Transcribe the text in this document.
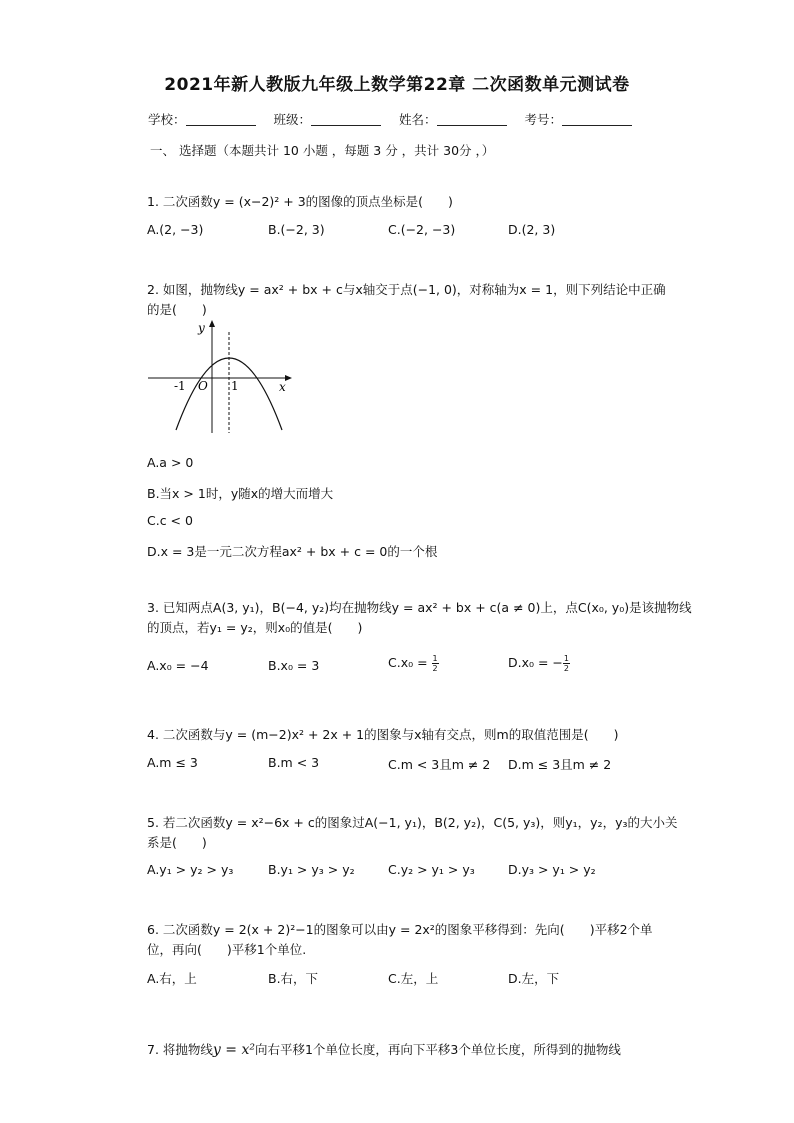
2021年新人教版九年级上数学第22章 二次函数单元测试卷
学校：	班级：	姓名：	考号：
一、 选择题（本题共计 10 小题 ，每题 3 分 ，共计 30分 ，）
1. 二次函数y = (x−2)² + 3的图像的顶点坐标是(　　)
A.(2, −3)	B.(−2, 3)	C.(−2, −3)	D.(2, 3)
2. 如图，抛物线y = ax² + bx + c与x轴交于点(−1, 0)，对称轴为x = 1，则下列结论中正确
的是(　　)
y
x
O
-1	1
A.a > 0
B.当x > 1时，y随x的增大而增大
C.c < 0
D.x = 3是一元二次方程ax² + bx + c = 0的一个根
3. 已知两点A(3, y₁)，B(−4, y₂)均在抛物线y = ax² + bx + c(a ≠ 0)上，点C(x₀, y₀)是该抛物线
的顶点，若y₁ = y₂，则x₀的值是(　　)
A.x₀ = −4	B.x₀ = 3	$C.x_0 = \frac{1}{2}$	D.x₀ = − $\frac{1}{2}$
4. 二次函数与y = (m−2)x² + 2x + 1的图象与x轴有交点，则m的取值范围是(　　)
A.m ≤ 3	B.m < 3	C.m < 3且m ≠ 2 D.m ≤ 3且m ≠ 2
5. 若二次函数y = x²−6x + c的图象过A(−1, y₁)，B(2, y₂)，C(5, y₃)，则y₁，y₂，y₃的大小关
系是(　　)
A.y₁ > y₂ > y₃	B.y₁ > y₃ > y₂	C.y₂ > y₁ > y₃	D.y₃ > y₁ > y₂
6. 二次函数y = 2(x + 2)²−1的图象可以由y = 2x²的图象平移得到：先向(　　)平移2个单
位，再向(　　)平移1个单位.
A.右，上	B.右，下	C.左，上	D.左，下
7. 将抛物线y = x²向右平移1个单位长度，再向下平移3个单位长度，所得到的抛物线
